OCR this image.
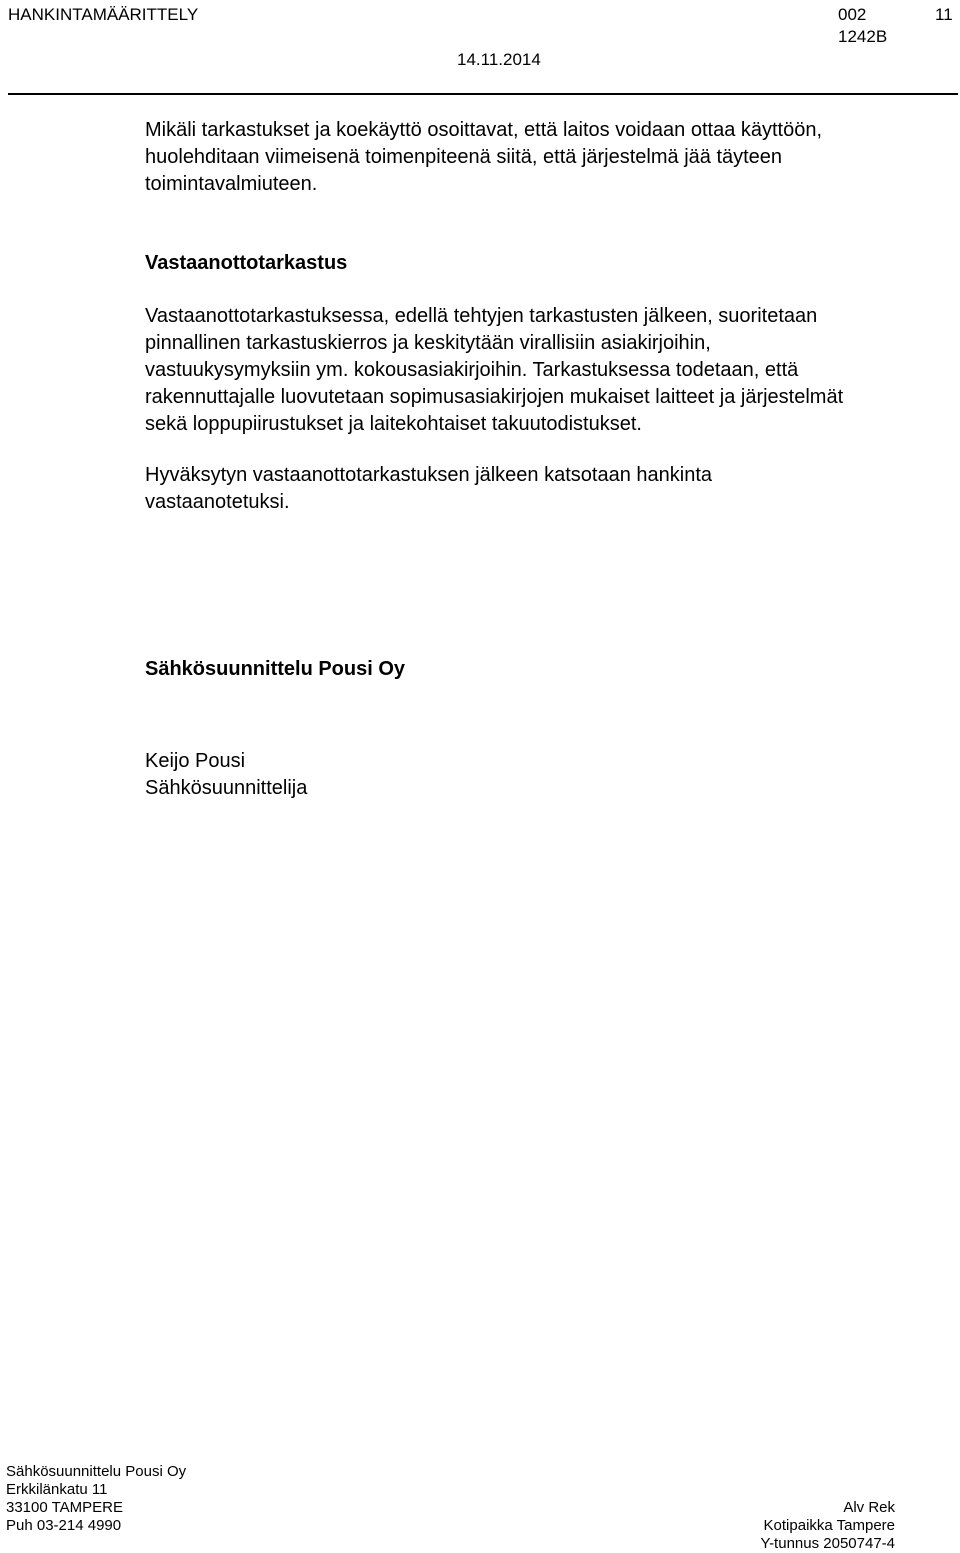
HANKINTAMÄÄRITTELY
14.11.2014
002
1242B
11
Mikäli tarkastukset ja koekäyttö osoittavat, että laitos voidaan ottaa käyttöön,
huolehditaan viimeisenä toimenpiteenä siitä, että järjestelmä jää täyteen
toimintavalmiuteen.
Vastaanottotarkastus
Vastaanottotarkastuksessa, edellä tehtyjen tarkastusten jälkeen, suoritetaan
pinnallinen tarkastuskierros ja keskitytään virallisiin asiakirjoihin,
vastuukysymyksiin ym. kokousasiakirjoihin. Tarkastuksessa todetaan, että
rakennuttajalle luovutetaan sopimusasiakirjojen mukaiset laitteet ja järjestelmät
sekä loppupiirustukset ja laitekohtaiset takuutodistukset.
Hyväksytyn vastaanottotarkastuksen jälkeen katsotaan hankinta
vastaanotetuksi.
Sähkösuunnittelu Pousi Oy
Keijo Pousi
Sähkösuunnittelija
Sähkösuunnittelu Pousi Oy
Erkkilänkatu 11
33100 TAMPERE
Puh 03-214 4990
Alv Rek
Kotipaikka Tampere
Y-tunnus 2050747-4
